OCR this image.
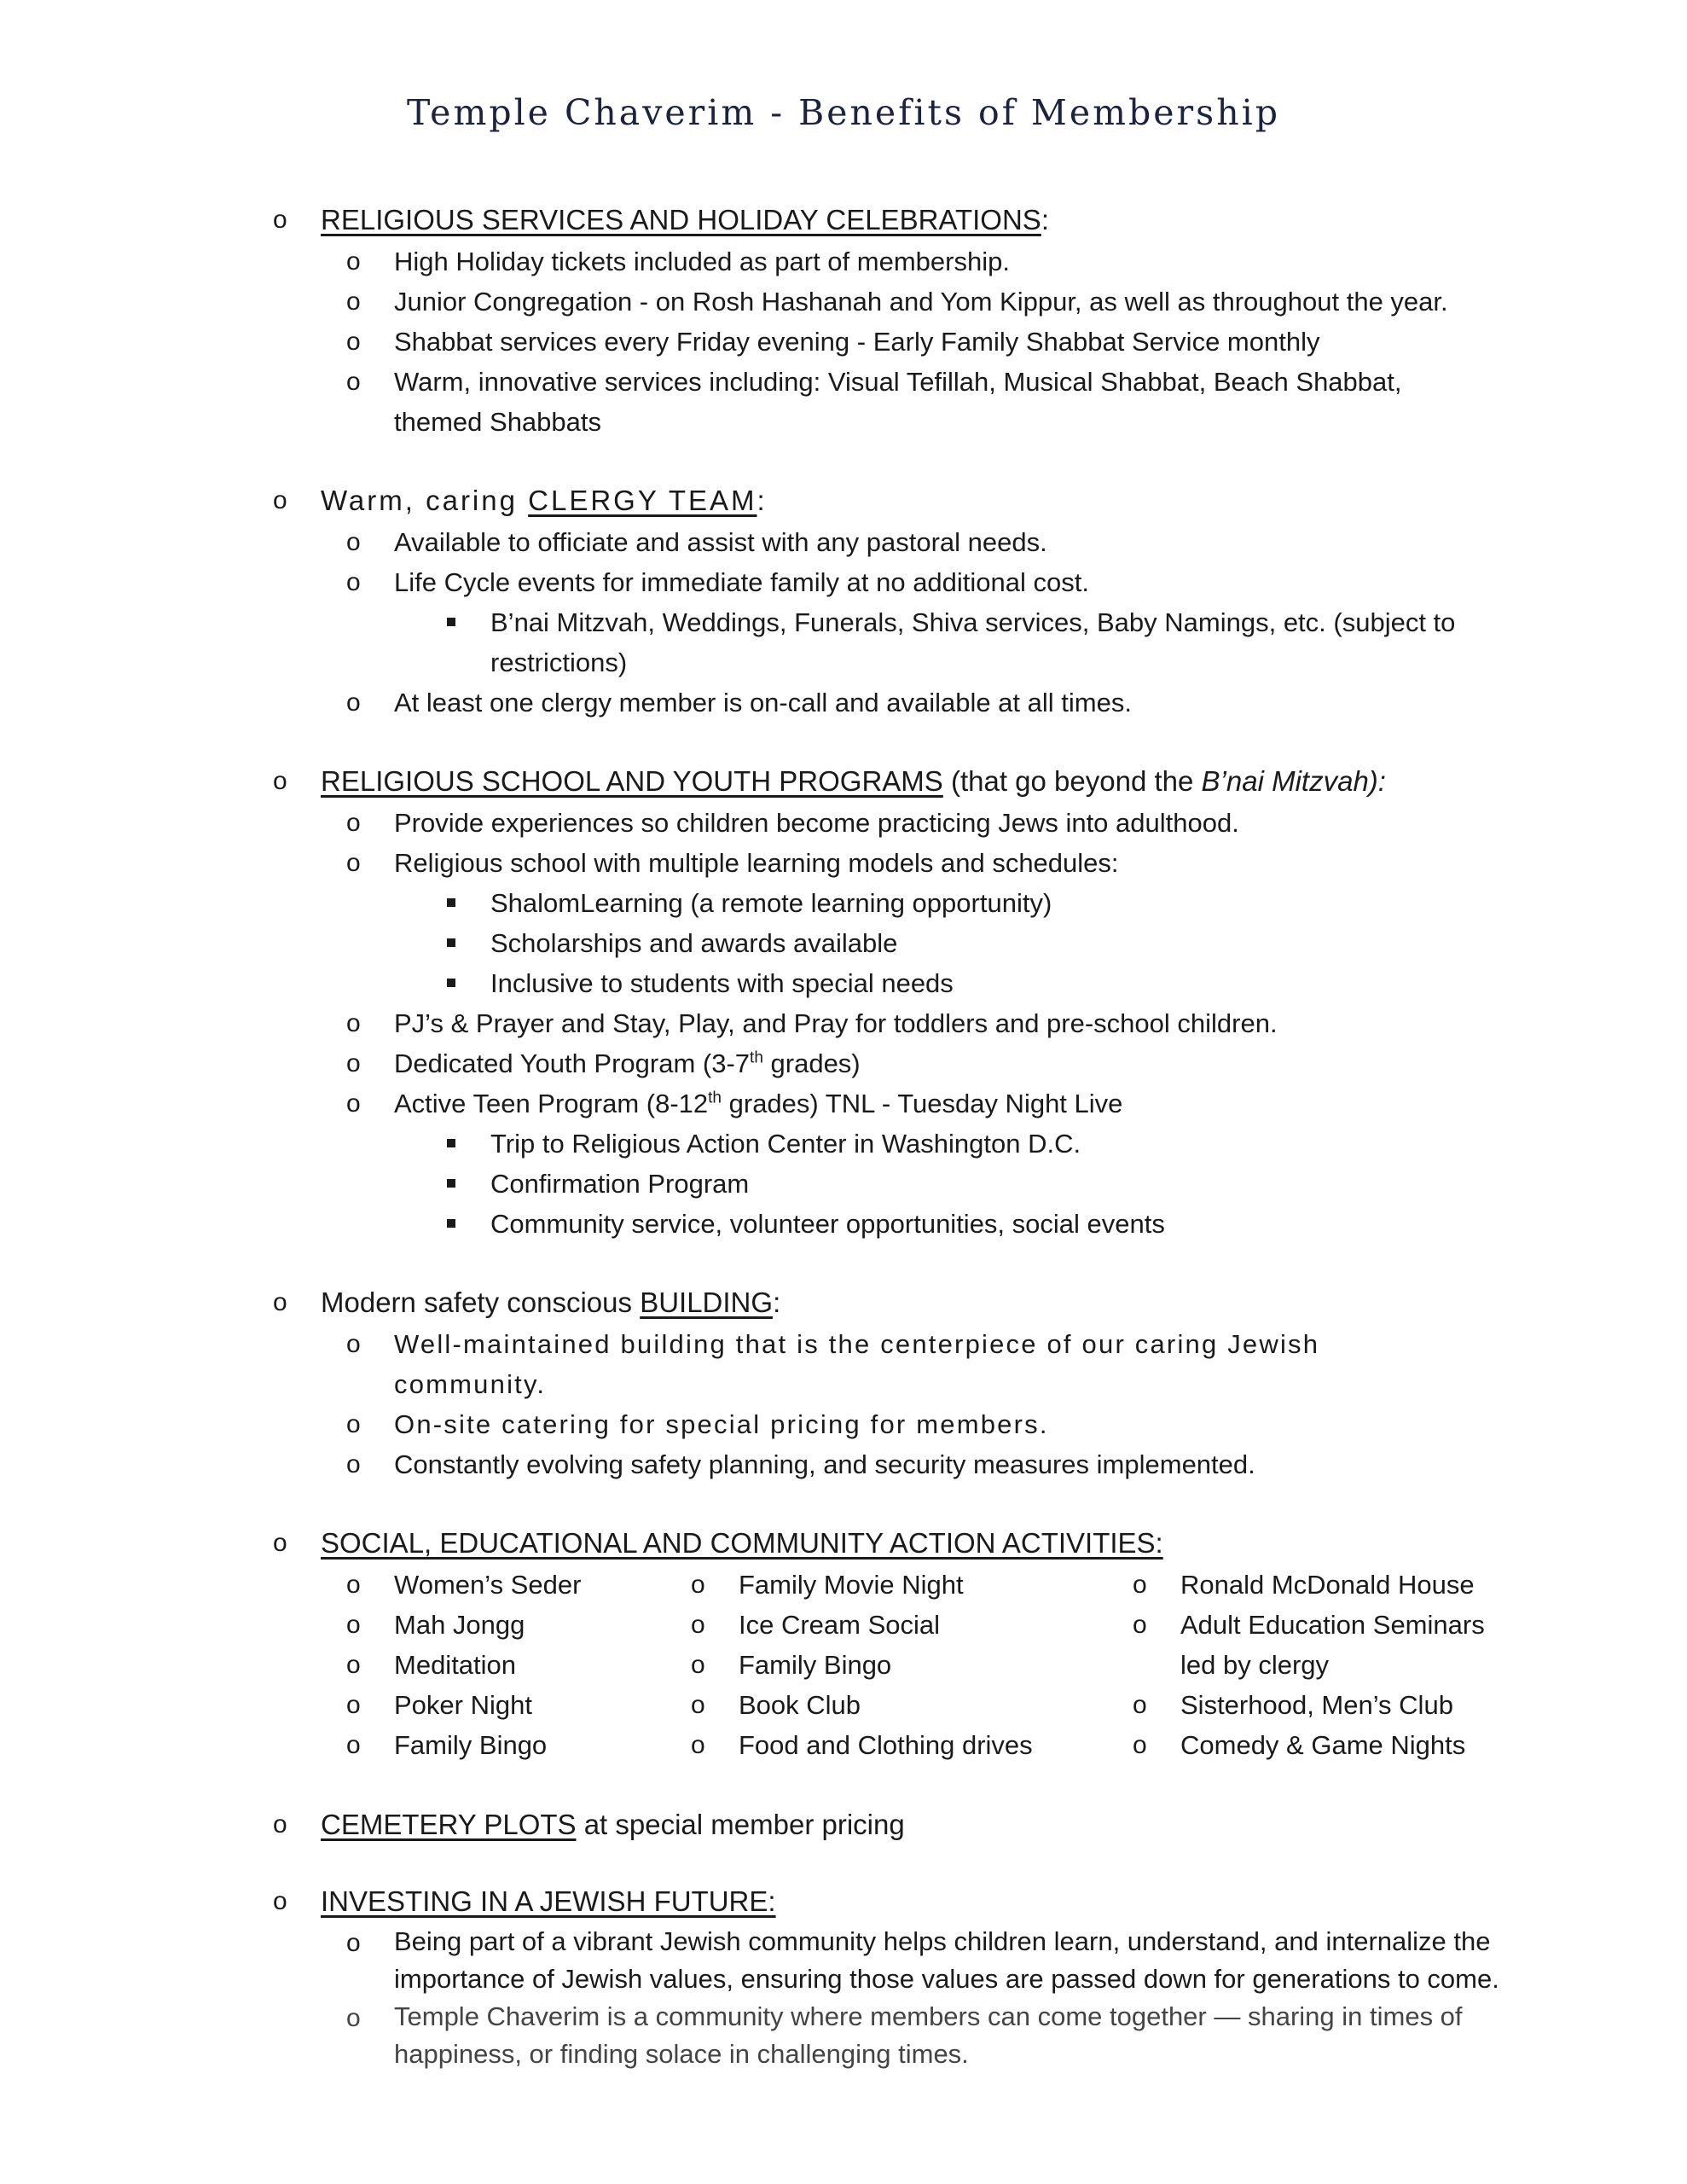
Temple Chaverim - Benefits of Membership
o RELIGIOUS SERVICES AND HOLIDAY CELEBRATIONS:
o High Holiday tickets included as part of membership.
o Junior Congregation - on Rosh Hashanah and Yom Kippur, as well as throughout the year.
o Shabbat services every Friday evening - Early Family Shabbat Service monthly
o Warm, innovative services including: Visual Tefillah, Musical Shabbat, Beach Shabbat, themed Shabbats
o Warm, caring CLERGY TEAM:
o Available to officiate and assist with any pastoral needs.
o Life Cycle events for immediate family at no additional cost.
B’nai Mitzvah, Weddings, Funerals, Shiva services, Baby Namings, etc. (subject to restrictions)
o At least one clergy member is on-call and available at all times.
o RELIGIOUS SCHOOL AND YOUTH PROGRAMS (that go beyond the B’nai Mitzvah):
o Provide experiences so children become practicing Jews into adulthood.
o Religious school with multiple learning models and schedules:
ShalomLearning (a remote learning opportunity)
Scholarships and awards available
Inclusive to students with special needs
o PJ’s & Prayer and Stay, Play, and Pray for toddlers and pre-school children.
o Dedicated Youth Program (3-7th grades)
o Active Teen Program (8-12th grades) TNL - Tuesday Night Live
Trip to Religious Action Center in Washington D.C.
Confirmation Program
Community service, volunteer opportunities, social events
o Modern safety conscious BUILDING:
o Well-maintained building that is the centerpiece of our caring Jewish community.
o On-site catering for special pricing for members.
o Constantly evolving safety planning, and security measures implemented.
o SOCIAL, EDUCATIONAL AND COMMUNITY ACTION ACTIVITIES:
o Women’s Seder
o Mah Jongg
o Meditation
o Poker Night
o Family Bingo
o Family Movie Night
o Ice Cream Social
o Family Bingo
o Book Club
o Food and Clothing drives
o Ronald McDonald House
o Adult Education Seminars led by clergy
o Sisterhood, Men’s Club
o Comedy & Game Nights
o CEMETERY PLOTS at special member pricing
o INVESTING IN A JEWISH FUTURE:
o Being part of a vibrant Jewish community helps children learn, understand, and internalize the importance of Jewish values, ensuring those values are passed down for generations to come.
o Temple Chaverim is a community where members can come together — sharing in times of happiness, or finding solace in challenging times.
